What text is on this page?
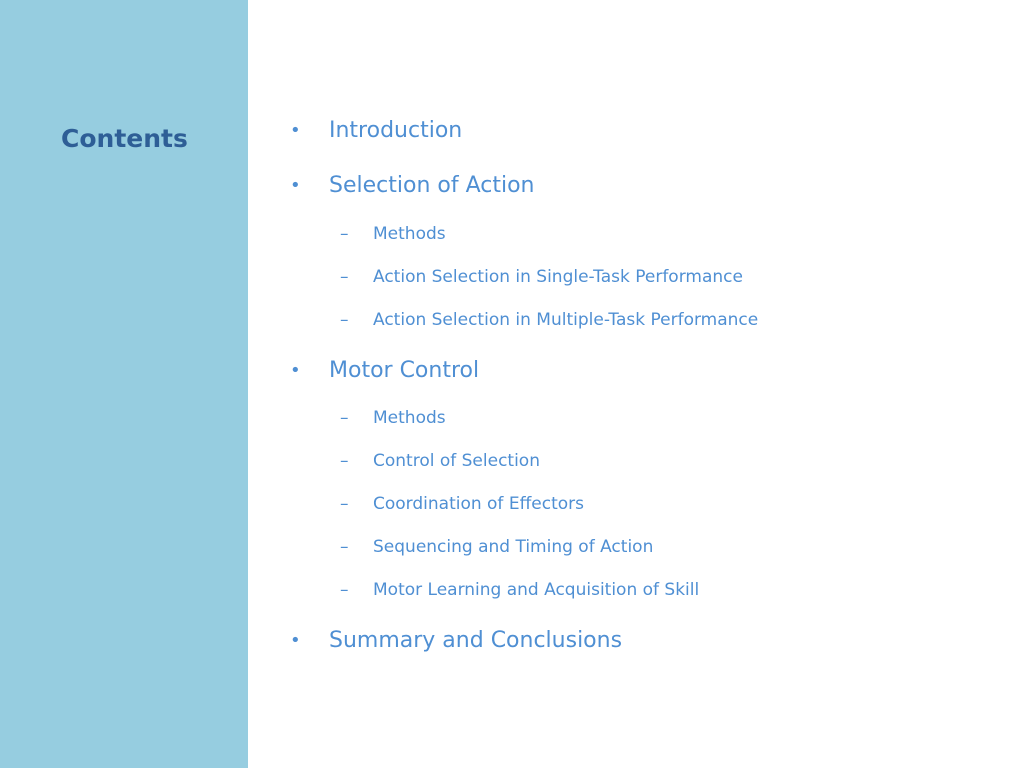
Contents	•	Introduction
•	Selection of Action
–	Methods
–	Action Selection in Single-Task Performance
–	Action Selection in Multiple-Task Performance
•	Motor Control
–	Methods
–	Control of Selection
–	Coordination of Effectors
–	Sequencing and Timing of Action
–	Motor Learning and Acquisition of Skill
•	Summary and Conclusions
